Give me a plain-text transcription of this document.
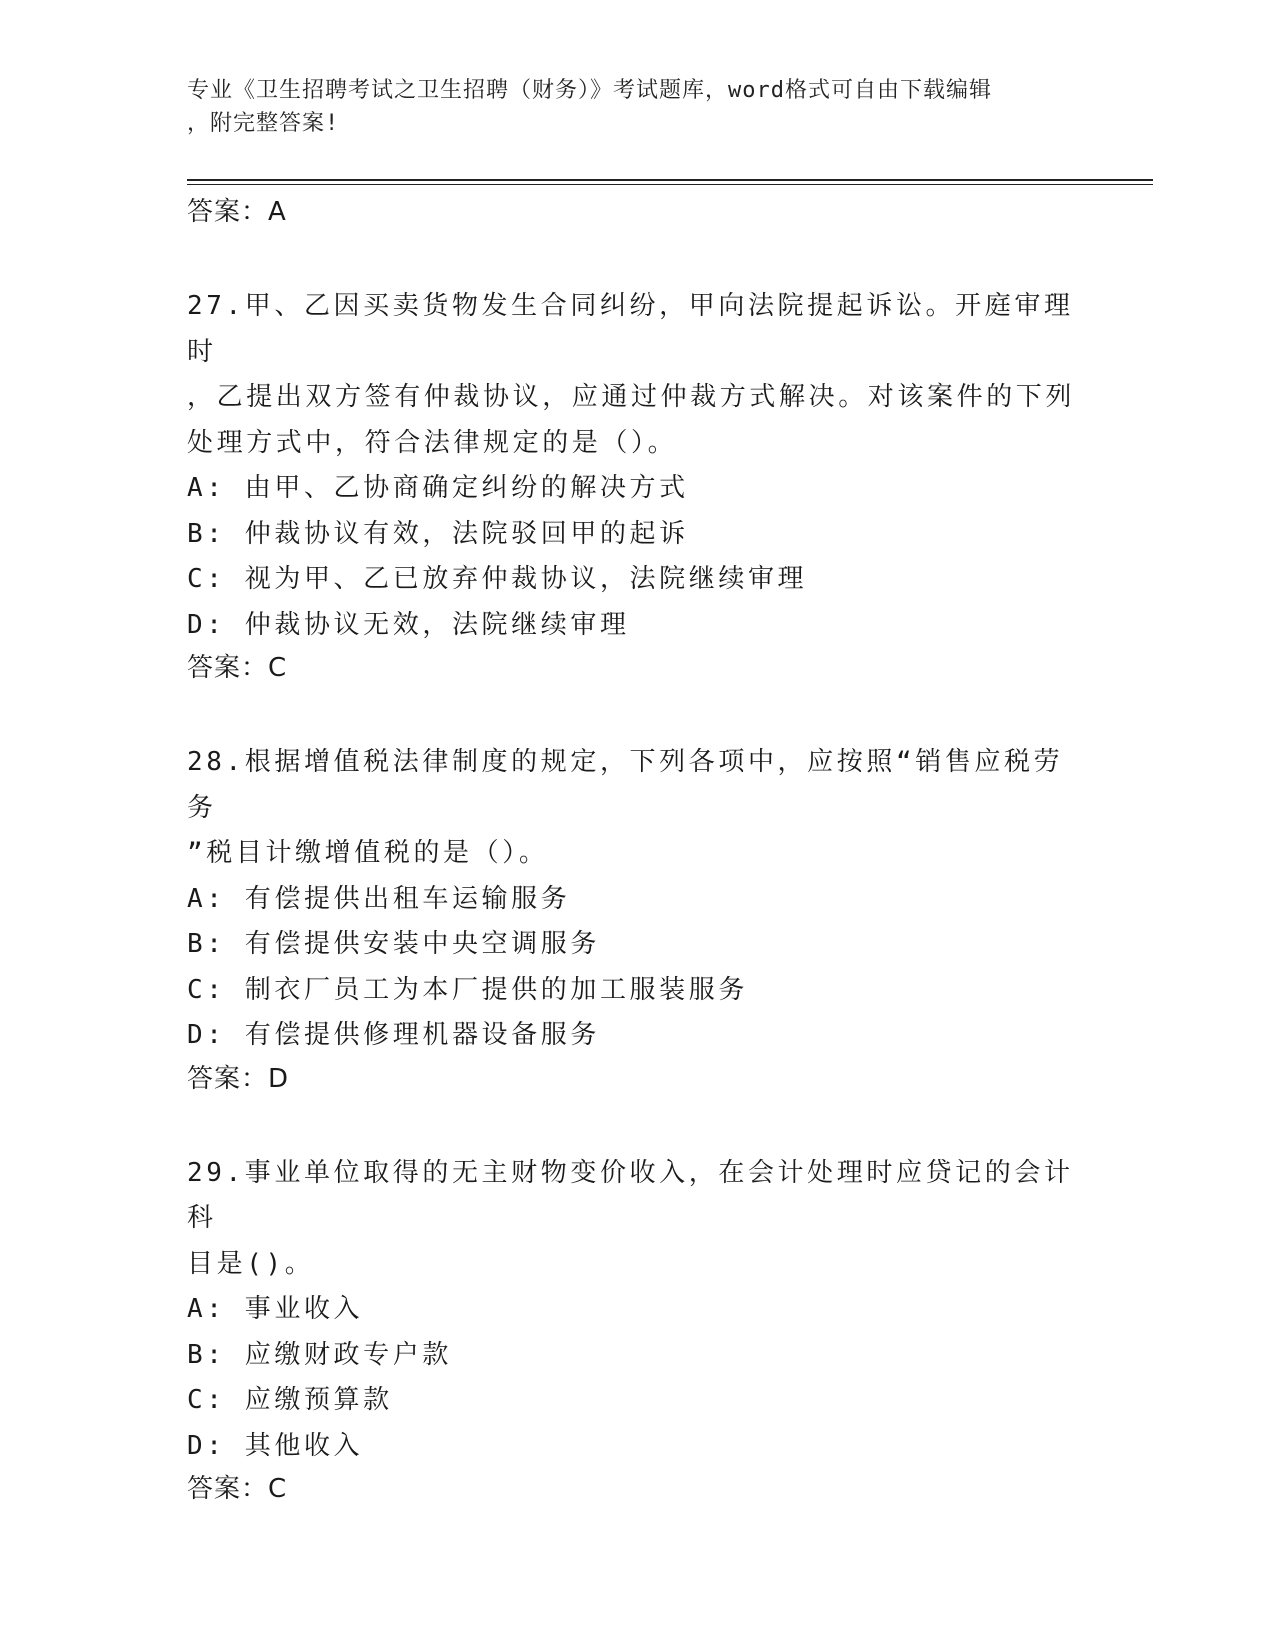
专业《卫生招聘考试之卫生招聘（财务）》考试题库，word格式可自由下载编辑
，附完整答案!
答案：A
27.甲、乙因买卖货物发生合同纠纷，甲向法院提起诉讼。开庭审理时
，乙提出双方签有仲裁协议，应通过仲裁方式解决。对该案件的下列
处理方式中，符合法律规定的是（）。
A: 由甲、乙协商确定纠纷的解决方式
B: 仲裁协议有效，法院驳回甲的起诉
C: 视为甲、乙已放弃仲裁协议，法院继续审理
D: 仲裁协议无效，法院继续审理
答案：C
28.根据增值税法律制度的规定，下列各项中，应按照“销售应税劳务
”税目计缴增值税的是（）。
A: 有偿提供出租车运输服务
B: 有偿提供安装中央空调服务
C: 制衣厂员工为本厂提供的加工服装服务
D: 有偿提供修理机器设备服务
答案：D
29.事业单位取得的无主财物变价收入，在会计处理时应贷记的会计科
目是()。
A: 事业收入
B: 应缴财政专户款
C: 应缴预算款
D: 其他收入
答案：C
